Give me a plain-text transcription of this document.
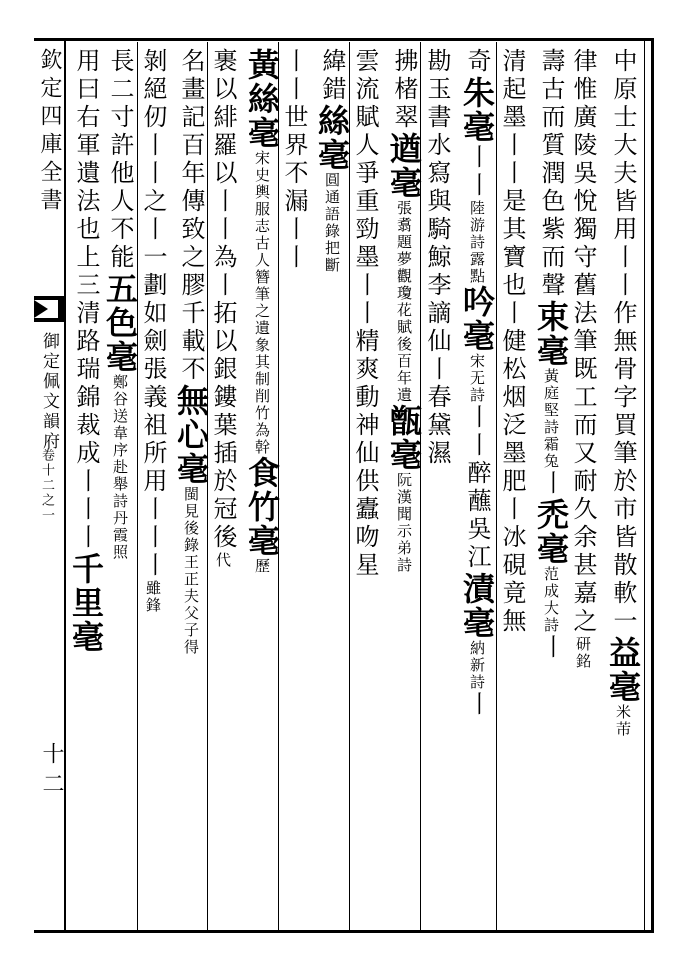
欽定四庫全書
御定佩文韻府
卷十二之一
十二
中原士大夫皆用丨丨作無骨字買筆於市皆散軟一益毫米芾
律惟廣陵吳悅獨守舊法筆既工而又耐久余甚嘉之研銘
壽古而質潤色紫而聲束毫黃庭堅詩霜兔丨禿毫范成大詩丨
清起墨丨丨是其寶也丨健松烟泛墨肥丨冰硯竟無
奇朱毫丨丨陸游詩露點吟毫宋无詩丨丨醉蘸吳江漬毫納新詩丨
勘玉書水寫與騎鯨李謫仙丨春黛濕
拂楮翠遒毫張翥題夢觀瓊花賦後百年遺甑毫阮漢聞示弟詩
雲流賦人爭重勁墨丨丨精爽動神仙供蠹吻星
緯錯絲毫圓通語錄把斷
丨丨世界不漏丨丨
黃絲毫宋史輿服志古人簪筆之遺象其制削竹為幹食竹毫歷
裹以緋羅以丨丨為丨拓以銀鏤葉插於冠後代
名畫記百年傳致之膠千載不無心毫閩見後錄王正夫父子得
剝絕仞丨丨之丨一劃如劍張義祖所用丨丨丨雖鋒
長二寸許他人不能五色毫鄭谷送韋序赴舉詩丹霞照
用曰右軍遺法也上三清路瑞錦裁成丨丨丨千里毫
